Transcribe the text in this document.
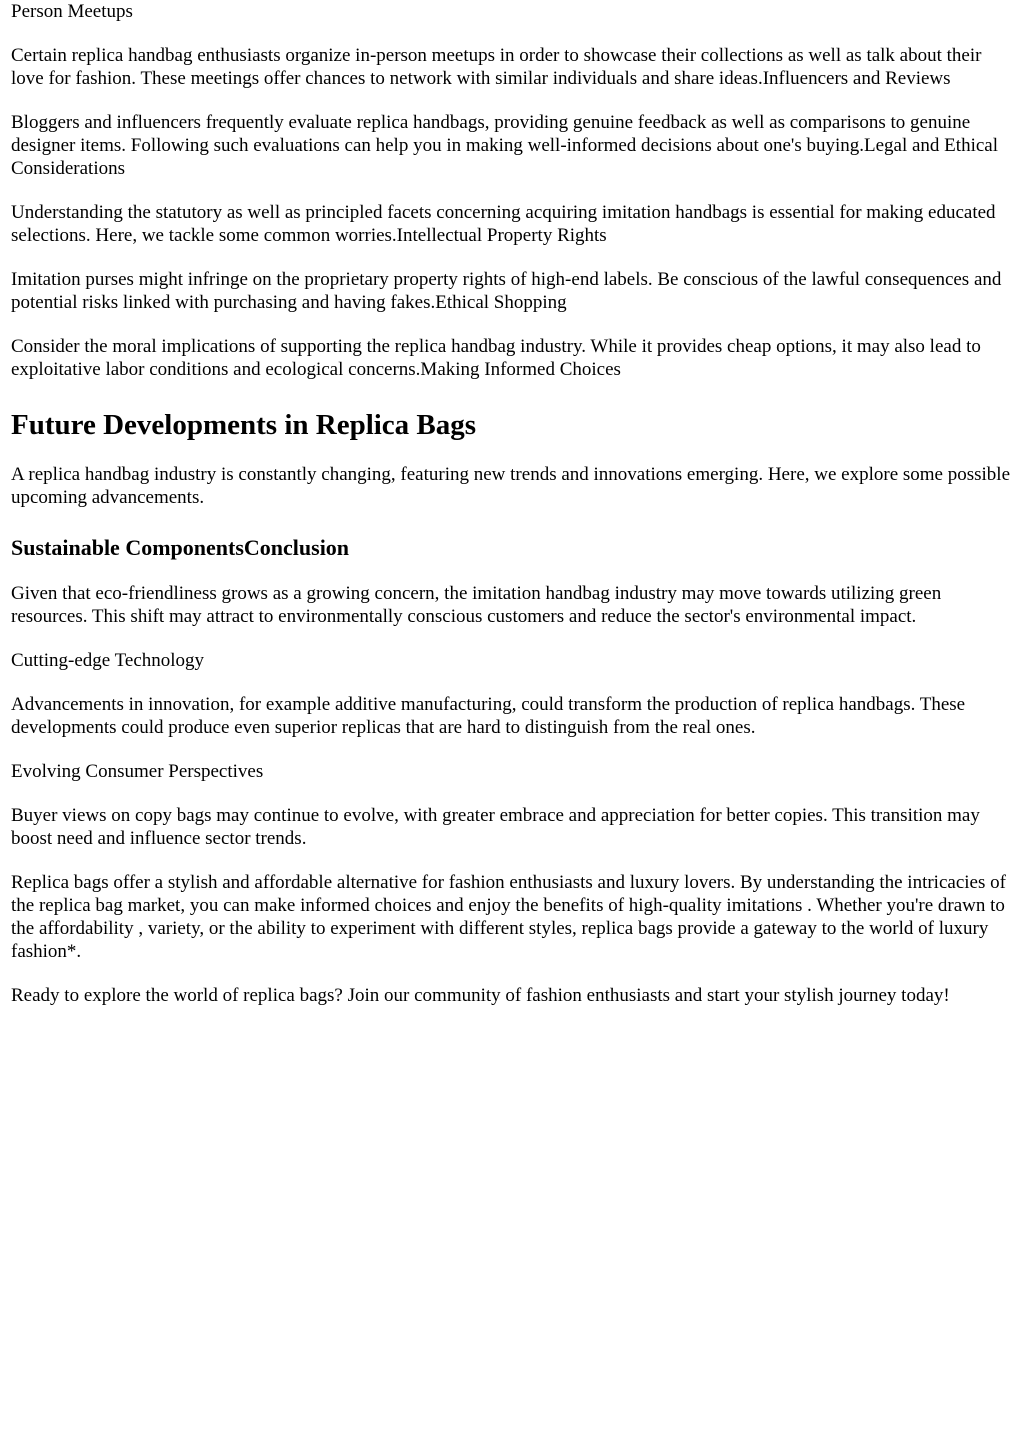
Person Meetups

Certain replica handbag enthusiasts organize in-person meetups in order to showcase their collections as well as talk about their love for fashion. These meetings offer chances to network with similar individuals and share ideas.Influencers and Reviews

Bloggers and influencers frequently evaluate replica handbags, providing genuine feedback as well as comparisons to genuine designer items. Following such evaluations can help you in making well-informed decisions about one's buying.Legal and Ethical Considerations

Understanding the statutory as well as principled facets concerning acquiring imitation handbags is essential for making educated selections. Here, we tackle some common worries.Intellectual Property Rights

Imitation purses might infringe on the proprietary property rights of high-end labels. Be conscious of the lawful consequences and potential risks linked with purchasing and having fakes.Ethical Shopping

Consider the moral implications of supporting the replica handbag industry. While it provides cheap options, it may also lead to exploitative labor conditions and ecological concerns.Making Informed Choices

Future Developments in Replica Bags

A replica handbag industry is constantly changing, featuring new trends and innovations emerging. Here, we explore some possible upcoming advancements.

Sustainable ComponentsConclusion

Given that eco-friendliness grows as a growing concern, the imitation handbag industry may move towards utilizing green resources. This shift may attract to environmentally conscious customers and reduce the sector's environmental impact.

Cutting-edge Technology

Advancements in innovation, for example additive manufacturing, could transform the production of replica handbags. These developments could produce even superior replicas that are hard to distinguish from the real ones.

Evolving Consumer Perspectives

Buyer views on copy bags may continue to evolve, with greater embrace and appreciation for better copies. This transition may boost need and influence sector trends.

Replica bags offer a stylish and affordable alternative for fashion enthusiasts and luxury lovers. By understanding the intricacies of the replica bag market, you can make informed choices and enjoy the benefits of high-quality imitations . Whether you're drawn to the affordability , variety, or the ability to experiment with different styles, replica bags provide a gateway to the world of luxury fashion*.

Ready to explore the world of replica bags? Join our community of fashion enthusiasts and start your stylish journey today!
